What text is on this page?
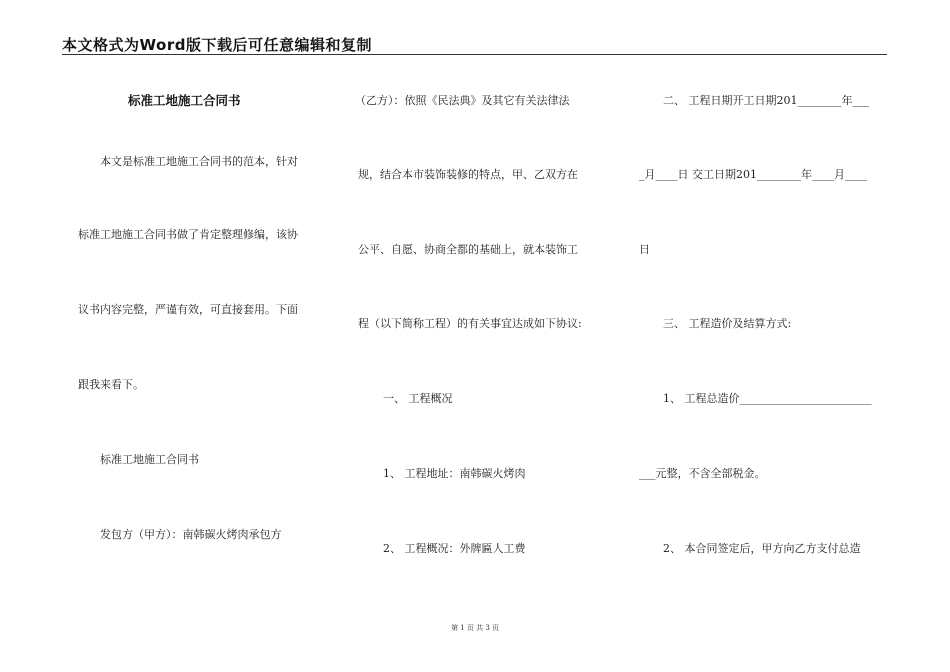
本文格式为Word版下载后可任意编辑和复制
标准工地施工合同书
本文是标准工地施工合同书的范本，针对
标准工地施工合同书做了肯定整理修编，该协
议书内容完整，严谨有效，可直接套用。下面
跟我来看下。
标准工地施工合同书
发包方（甲方）：南韩碳火烤肉承包方
（乙方）：依照《民法典》及其它有关法律法
规，结合本市装饰装修的特点，甲、乙双方在
公平、自愿、协商全都的基础上，就本装饰工
程（以下简称工程）的有关事宜达成如下协议:
一、 工程概况
1、 工程地址：南韩碳火烤肉
2、 工程概况：外牌匾人工费
二、 工程日期开工日期201________年___
_月____日 交工日期201________年____月____
日
三、 工程造价及结算方式:
1、 工程总造价________________________
___元整，不含全部税金。
2、 本合同签定后，甲方向乙方支付总造
第 1 页 共 3 页
